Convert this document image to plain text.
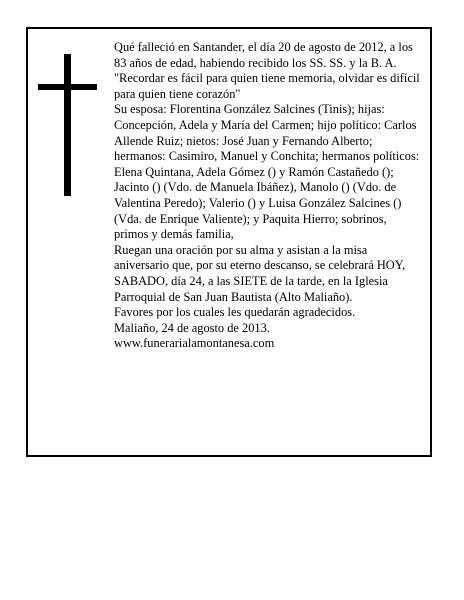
Qué falleció en Santander, el día 20 de agosto de 2012, a los 83 años de edad, habiendo recibido los SS. SS. y la B. A.

"Recordar es fácil para quien tiene memoria, olvidar es difícil para quien tiene corazón"

Su esposa: Florentina González Salcines (Tinis); hijas: Concepción, Adela y María del Carmen; hijo político: Carlos Allende Ruiz; nietos: José Juan y Fernando Alberto; hermanos: Casimiro, Manuel y Conchita; hermanos políticos: Elena Quintana, Adela Gómez () y Ramón Castañedo (); Jacinto () (Vdo. de Manuela Ibáñez), Manolo () (Vdo. de Valentina Peredo); Valerio () y Luisa González Salcines () (Vda. de Enrique Valiente); y Paquita Hierro; sobrinos, primos y demás familia,

Ruegan una oración por su alma y asistan a la misa aniversario que, por su eterno descanso, se celebrará HOY, SABADO, día 24, a las SIETE de la tarde, en la Iglesia Parroquial de San Juan Bautista (Alto Maliaño).

Favores por los cuales les quedarán agradecidos.

Maliaño, 24 de agosto de 2013.

www.funerarialamontanesa.com
